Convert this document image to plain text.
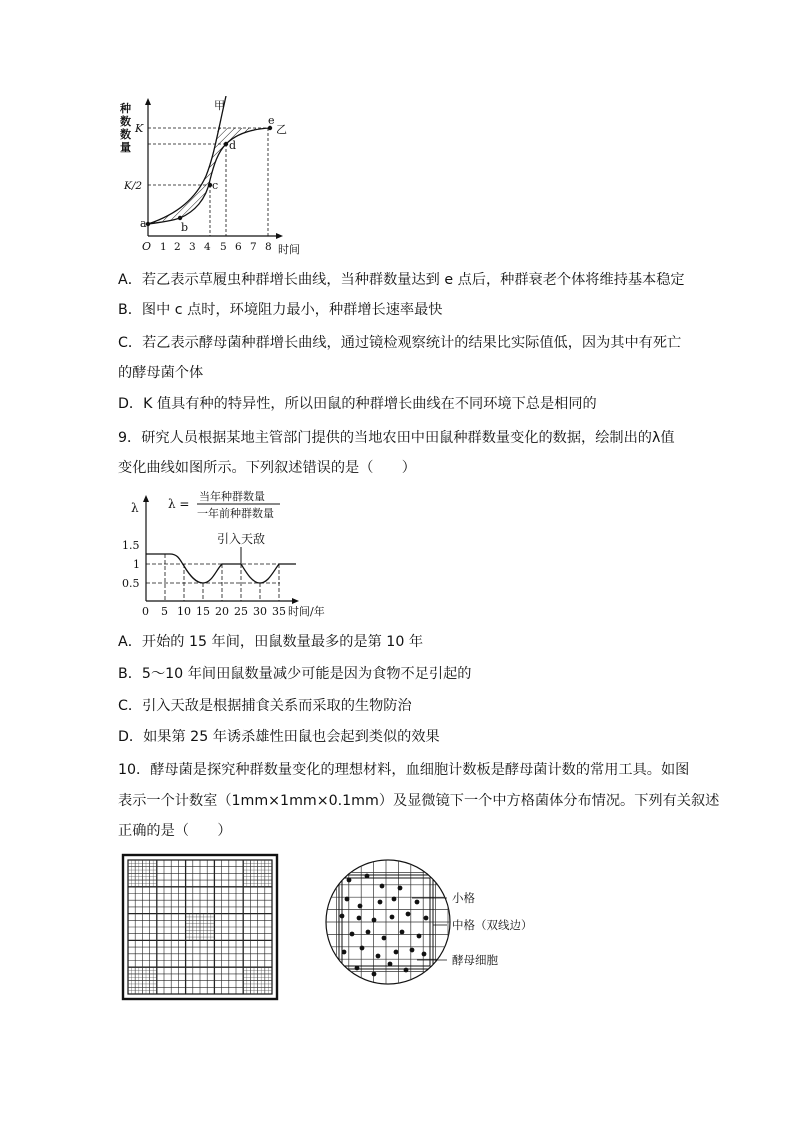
种
数
数
量
a	b
c
d
e
甲
乙
K
K/2
O 1 2 3 4 5 6 7 8 时间
A．若乙表示草履虫种群增长曲线，当种群数量达到 e 点后，种群衰老个体将维持基本稳定
B．图中 c 点时，环境阻力最小，种群增长速率最快
C．若乙表示酵母菌种群增长曲线，通过镜检观察统计的结果比实际值低，因为其中有死亡
的酵母菌个体
D．K 值具有种的特异性，所以田鼠的种群增长曲线在不同环境下总是相同的
9．研究人员根据某地主管部门提供的当地农田中田鼠种群数量变化的数据，绘制出的λ值
变化曲线如图所示。下列叙述错误的是（　　）
λ λ =
当年种群数量
一年前种群数量
引入天敌
1.5
1
0.5
0 5 10 15 20 25 30 35 时间/年
A．开始的 15 年间，田鼠数量最多的是第 10 年
B．5～10 年间田鼠数量减少可能是因为食物不足引起的
C．引入天敌是根据捕食关系而采取的生物防治
D．如果第 25 年诱杀雄性田鼠也会起到类似的效果
10．酵母菌是探究种群数量变化的理想材料，血细胞计数板是酵母菌计数的常用工具。如图
表示一个计数室（1mm×1mm×0.1mm）及显微镜下一个中方格菌体分布情况。下列有关叙述
正确的是（　　）
小格
中格（双线边）
酵母细胞
